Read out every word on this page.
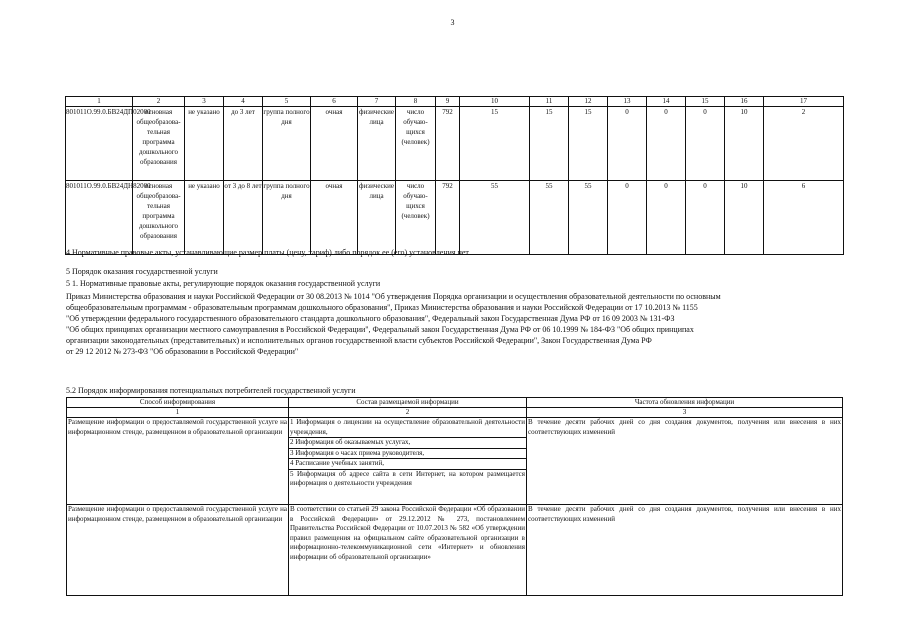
3
1	2	3	4	5	6	7	8	9	10	11	12	13	14	15	16	17
801011О.99.0.БВ24ДП02000	основная общеобразова-тельная программа дошкольного образования	не указано	до 3 лет	группа полного дня	очная	физические лица	число обучаю-щихся (человек)	792	15	15	15	0	0	0	10	2
801011О.99.0.БВ24ДН82000	основная общеобразова-тельная программа дошкольного образования	не указано	от 3 до 8 лет	группа полного дня	очная	физические лица	число обучаю-щихся (человек)	792	55	55	55	0	0	0	10	6
4 Нормативные правовые акты, устанавливающие размер платы (цену, тариф) либо порядок ее (его) установления нет
5 Порядок оказания государственной услуги
5 1. Нормативные правовые акты, регулирующие порядок оказания государственной услуги
Приказ Министерства образования и науки Российской Федерации от 30 08.2013 № 1014 "Об утверждения Порядка организации и осуществления образовательной деятельности по основным
общеобразовательным программам - образовательным программам дошкольного образования", Приказ Министерства образования и науки Российской Федерации от 17 10.2013 № 1155
"Об утверждении федерального государственного образовательного стандарта дошкольного образования", Федеральный закон Государственная Дума РФ от 16 09 2003 № 131-ФЗ
"Об общих принципах организации местного самоуправления в Российской Федерации", Федеральный закон Государственная Дума РФ от 06 10.1999 № 184-ФЗ "Об общих принципах
организации законодательных (представительных) и исполнительных органов государственной власти субъектов Российской Федерации", Закон Государственная Дума РФ
от 29 12 2012 № 273-ФЗ "Об образовании в Российской Федерации"
5.2 Порядок информирования потенциальных потребителей государственной услуги
Способ информирования	Состав размещаемой информации	Частота обновления информации
1	2	3
Размещение информации о предоставляемой государственной услуге на информационном стенде, размещенном в образовательной организации	1 Информация о лицензии на осуществление образовательной деятельности учреждения,
2 Информация об оказываемых услугах,
3 Информация о часах приема руководителя,
4 Расписание учебных занятий,
5 Информация об адресе сайта в сети Интернет, на котором размещается информация о деятельности учреждения	В течение десяти рабочих дней со дня создания документов, получения или внесения в них соответствующих изменений
Размещение информации о предоставляемой государственной услуге на информационном стенде, размещенном в образовательной организации	В соответствии со статьей 29 закона Российской Федерации «Об образовании в Российской Федерации» от 29.12.2012 № 273, постановлением Правительства Российской Федерации от 10.07.2013 № 582 «Об утверждении правил размещения на официальном сайте образовательной организации в информационно-телекоммуникационной сети «Интернет» и обновления информации об образовательной организации»	В течение десяти рабочих дней со дня создания документов, получения или внесения в них соответствующих изменений
